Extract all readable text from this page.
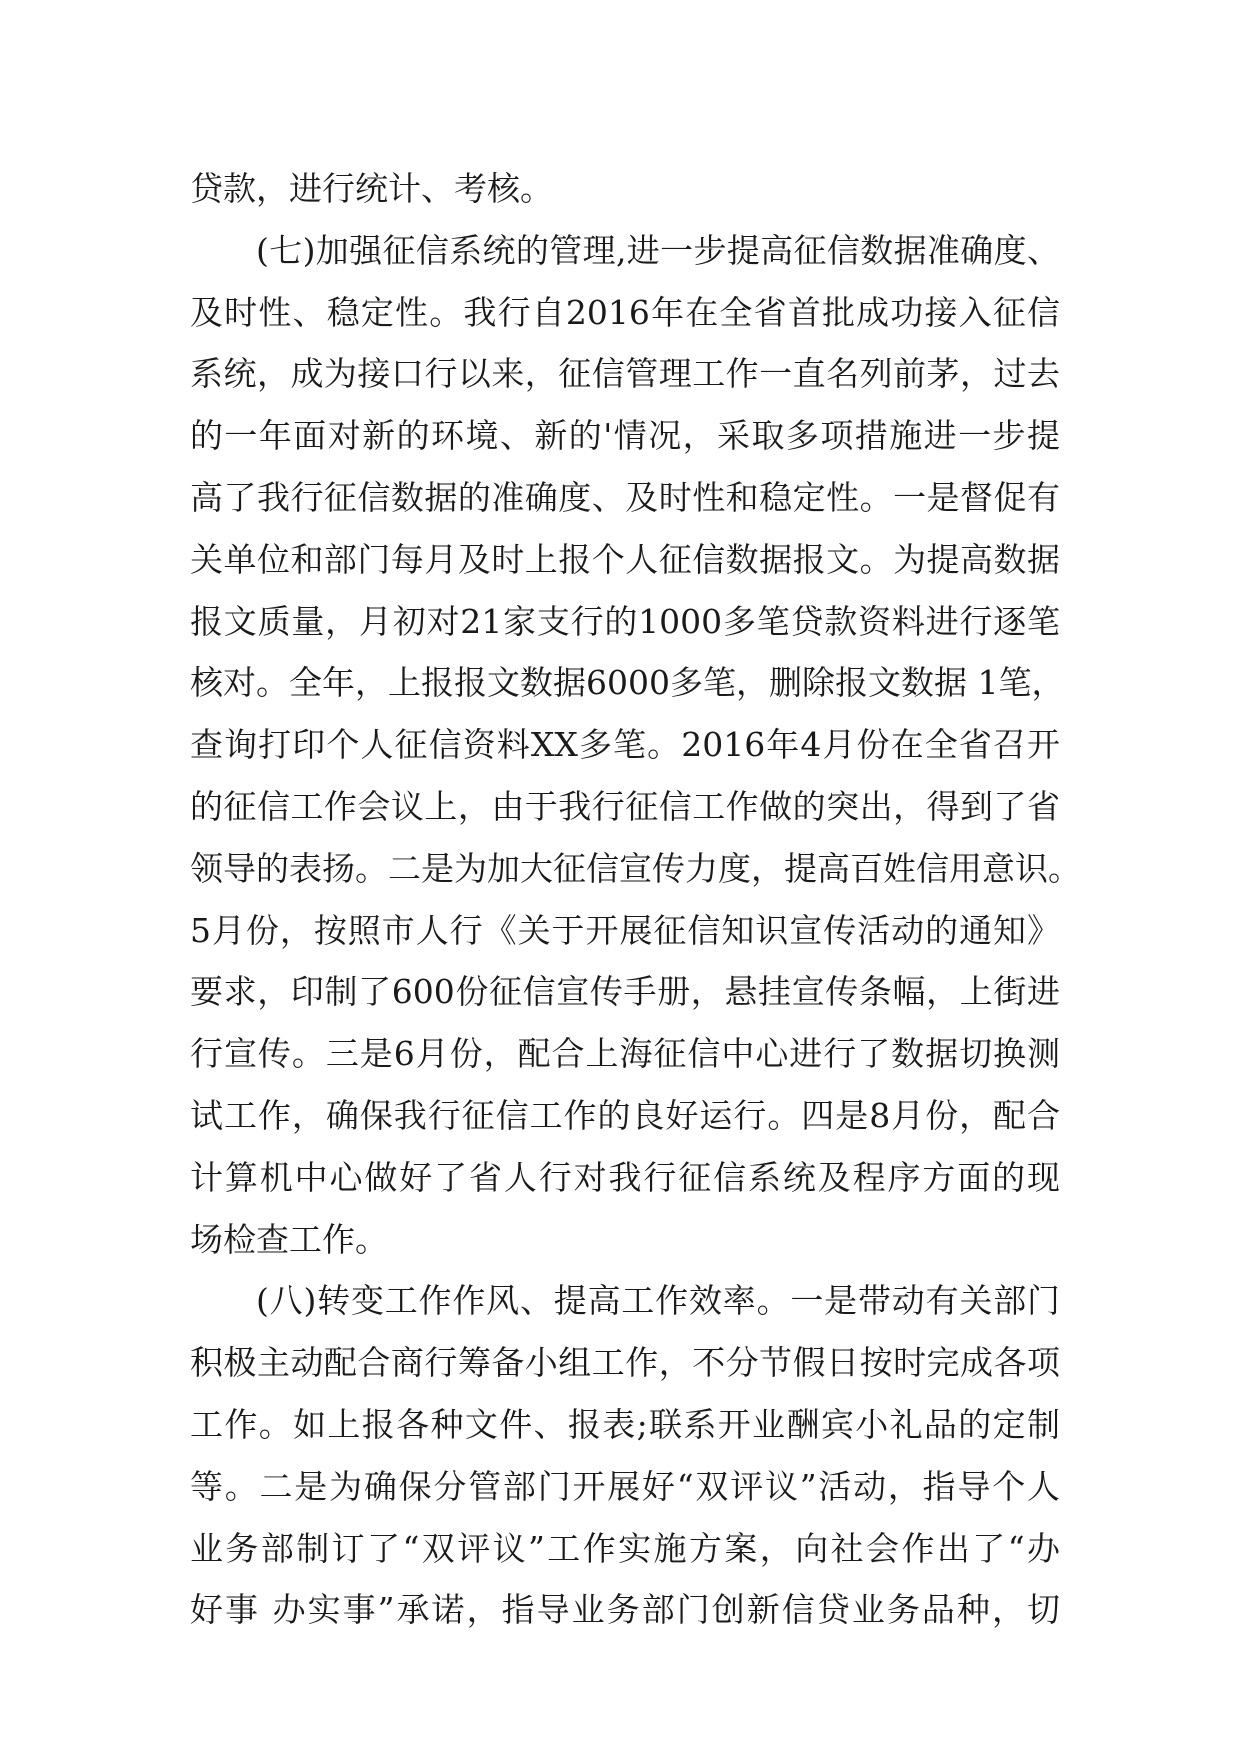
贷款，进行统计、考核。
(七)加强征信系统的管理,进一步提高征信数据准确度、
及时性、稳定性。我行自2016年在全省首批成功接入征信
系统，成为接口行以来，征信管理工作一直名列前茅，过去
的一年面对新的环境、新的'情况，采取多项措施进一步提
高了我行征信数据的准确度、及时性和稳定性。一是督促有
关单位和部门每月及时上报个人征信数据报文。为提高数据
报文质量，月初对21家支行的1000多笔贷款资料进行逐笔
核对。全年，上报报文数据6000多笔，删除报文数据 1笔，
查询打印个人征信资料XX多笔。2016年4月份在全省召开
的征信工作会议上，由于我行征信工作做的突出，得到了省
领导的表扬。二是为加大征信宣传力度，提高百姓信用意识。
5月份，按照市人行《关于开展征信知识宣传活动的通知》
要求，印制了600份征信宣传手册，悬挂宣传条幅，上街进
行宣传。三是6月份，配合上海征信中心进行了数据切换测
试工作，确保我行征信工作的良好运行。四是8月份，配合
计算机中心做好了省人行对我行征信系统及程序方面的现
场检查工作。
(八)转变工作作风、提高工作效率。一是带动有关部门
积极主动配合商行筹备小组工作，不分节假日按时完成各项
工作。如上报各种文件、报表;联系开业酬宾小礼品的定制
等。二是为确保分管部门开展好“双评议”活动，指导个人
业务部制订了“双评议”工作实施方案，向社会作出了“办
好事 办实事”承诺，指导业务部门创新信贷业务品种，切
